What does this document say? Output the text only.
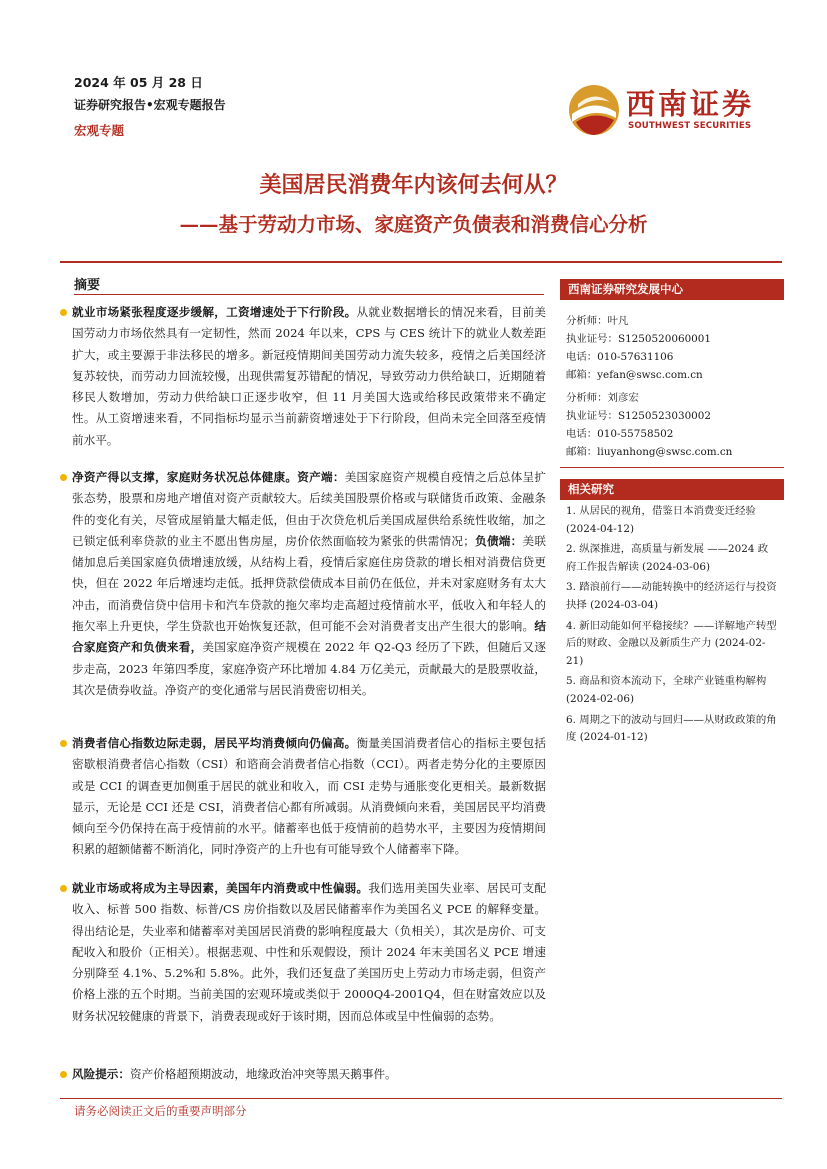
2024 年 05 月 28 日
证券研究报告•宏观专题报告
宏观专题
西南证券
SOUTHWEST SECURITIES
美国居民消费年内该何去何从？
——基于劳动力市场、家庭资产负债表和消费信心分析
摘要

就业市场紧张程度逐步缓解，工资增速处于下行阶段。从就业数据增长的情况来看，目前美国劳动力市场依然具有一定韧性，然而 2024 年以来，CPS 与 CES 统计下的就业人数差距扩大，或主要源于非法移民的增多。新冠疫情期间美国劳动力流失较多，疫情之后美国经济复苏较快，而劳动力回流较慢，出现供需复苏错配的情况，导致劳动力供给缺口，近期随着移民人数增加，劳动力供给缺口正逐步收窄，但 11 月美国大选或给移民政策带来不确定性。从工资增速来看，不同指标均显示当前薪资增速处于下行阶段，但尚未完全回落至疫情前水平。

净资产得以支撑，家庭财务状况总体健康。资产端：美国家庭资产规模自疫情之后总体呈扩张态势，股票和房地产增值对资产贡献较大。后续美国股票价格或与联储货币政策、金融条件的变化有关，尽管成屋销量大幅走低，但由于次贷危机后美国成屋供给系统性收缩，加之已锁定低利率贷款的业主不愿出售房屋，房价依然面临较为紧张的供需情况；负债端：美联储加息后美国家庭负债增速放缓，从结构上看，疫情后家庭住房贷款的增长相对消费信贷更快，但在 2022 年后增速均走低。抵押贷款偿债成本目前仍在低位，并未对家庭财务有太大冲击，而消费信贷中信用卡和汽车贷款的拖欠率均走高超过疫情前水平，低收入和年轻人的拖欠率上升更快，学生贷款也开始恢复还款，但可能不会对消费者支出产生很大的影响。结合家庭资产和负债来看，美国家庭净资产规模在 2022 年 Q2-Q3 经历了下跌，但随后又逐步走高，2023 年第四季度，家庭净资产环比增加 4.84 万亿美元，贡献最大的是股票收益，其次是债券收益。净资产的变化通常与居民消费密切相关。

消费者信心指数边际走弱，居民平均消费倾向仍偏高。衡量美国消费者信心的指标主要包括密歇根消费者信心指数（CSI）和谘商会消费者信心指数（CCI）。两者走势分化的主要原因或是 CCI 的调查更加侧重于居民的就业和收入，而 CSI 走势与通胀变化更相关。最新数据显示，无论是 CCI 还是 CSI，消费者信心都有所减弱。从消费倾向来看，美国居民平均消费倾向至今仍保持在高于疫情前的水平。储蓄率也低于疫情前的趋势水平，主要因为疫情期间积累的超额储蓄不断消化，同时净资产的上升也有可能导致个人储蓄率下降。

就业市场或将成为主导因素，美国年内消费或中性偏弱。我们选用美国失业率、居民可支配收入、标普 500 指数、标普/CS 房价指数以及居民储蓄率作为美国名义 PCE 的解释变量。得出结论是，失业率和储蓄率对美国居民消费的影响程度最大（负相关），其次是房价、可支配收入和股价（正相关）。根据悲观、中性和乐观假设，预计 2024 年末美国名义 PCE 增速分别降至 4.1%、5.2%和 5.8%。此外，我们还复盘了美国历史上劳动力市场走弱，但资产价格上涨的五个时期。当前美国的宏观环境或类似于 2000Q4-2001Q4，但在财富效应以及财务状况较健康的背景下，消费表现或好于该时期，因而总体或呈中性偏弱的态势。

风险提示：资产价格超预期波动，地缘政治冲突等黑天鹅事件。

西南证券研究发展中心
分析师：叶凡
执业证号：S1250520060001
电话：010-57631106
邮箱：yefan@swsc.com.cn
分析师：刘彦宏
执业证号：S1250523030002
电话：010-55758502
邮箱：liuyanhong@swsc.com.cn
相关研究

1. 从居民的视角，借鉴日本消费变迁经验 (2024-04-12)

2. 纵深推进，高质量与新发展 ——2024 政府工作报告解读 (2024-03-06)

3. 踏浪前行——动能转换中的经济运行与投资抉择 (2024-03-04)

4. 新旧动能如何平稳接续？——详解地产转型后的财政、金融以及新质生产力 (2024-02-21)

5. 商品和资本流动下，全球产业链重构解构 (2024-02-06)

6. 周期之下的波动与回归——从财政政策的角度 (2024-01-12)

请务必阅读正文后的重要声明部分
